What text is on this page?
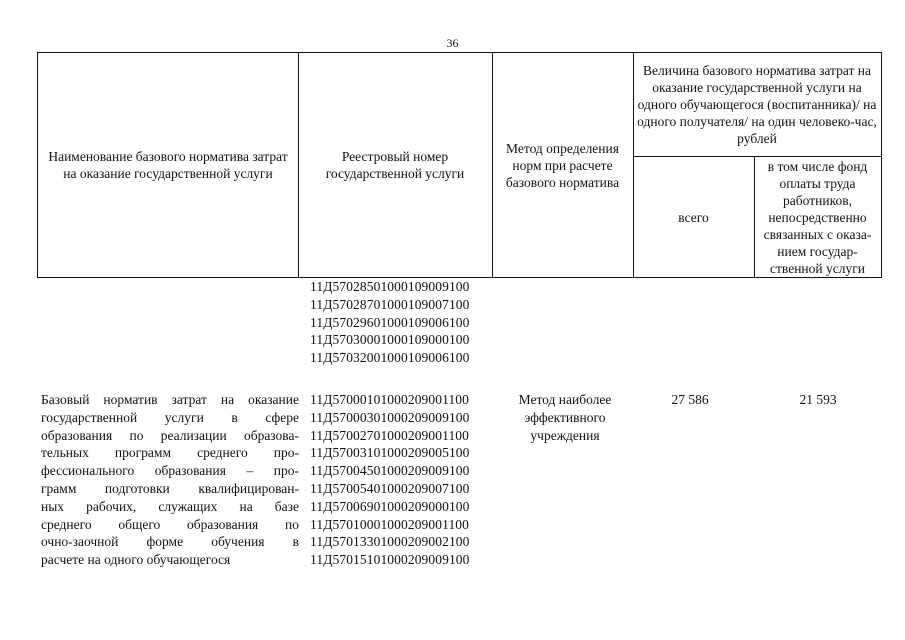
36
Наименование базового норматива затрат на оказание государственной услуги
Реестровый номер государственной услуги
Метод определения норм при расчете базового норматива
Величина базового норматива затрат на оказание государственной услуги на одного обучающегося (воспитанника)/ на одного получателя/ на один человеко-час, рублей
всего
в том числе фонд оплаты труда работников, непосредственно связанных с оказа-нием государ-ственной услуги
11Д57028501000109009100
11Д57028701000109007100
11Д57029601000109006100
11Д57030001000109000100
11Д57032001000109006100
Базовый норматив затрат на оказание
государственной услуги в сфере
образования по реализации образова-
тельных программ среднего про-
фессионального образования – про-
грамм подготовки квалифицирован-
ных рабочих, служащих на базе
среднего общего образования по
очно-заочной форме обучения в
расчете на одного обучающегося
11Д57000101000209001100
11Д57000301000209009100
11Д57002701000209001100
11Д57003101000209005100
11Д57004501000209009100
11Д57005401000209007100
11Д57006901000209000100
11Д57010001000209001100
11Д57013301000209002100
11Д57015101000209009100
Метод наиболее эффективного учреждения
27 586	21 593
